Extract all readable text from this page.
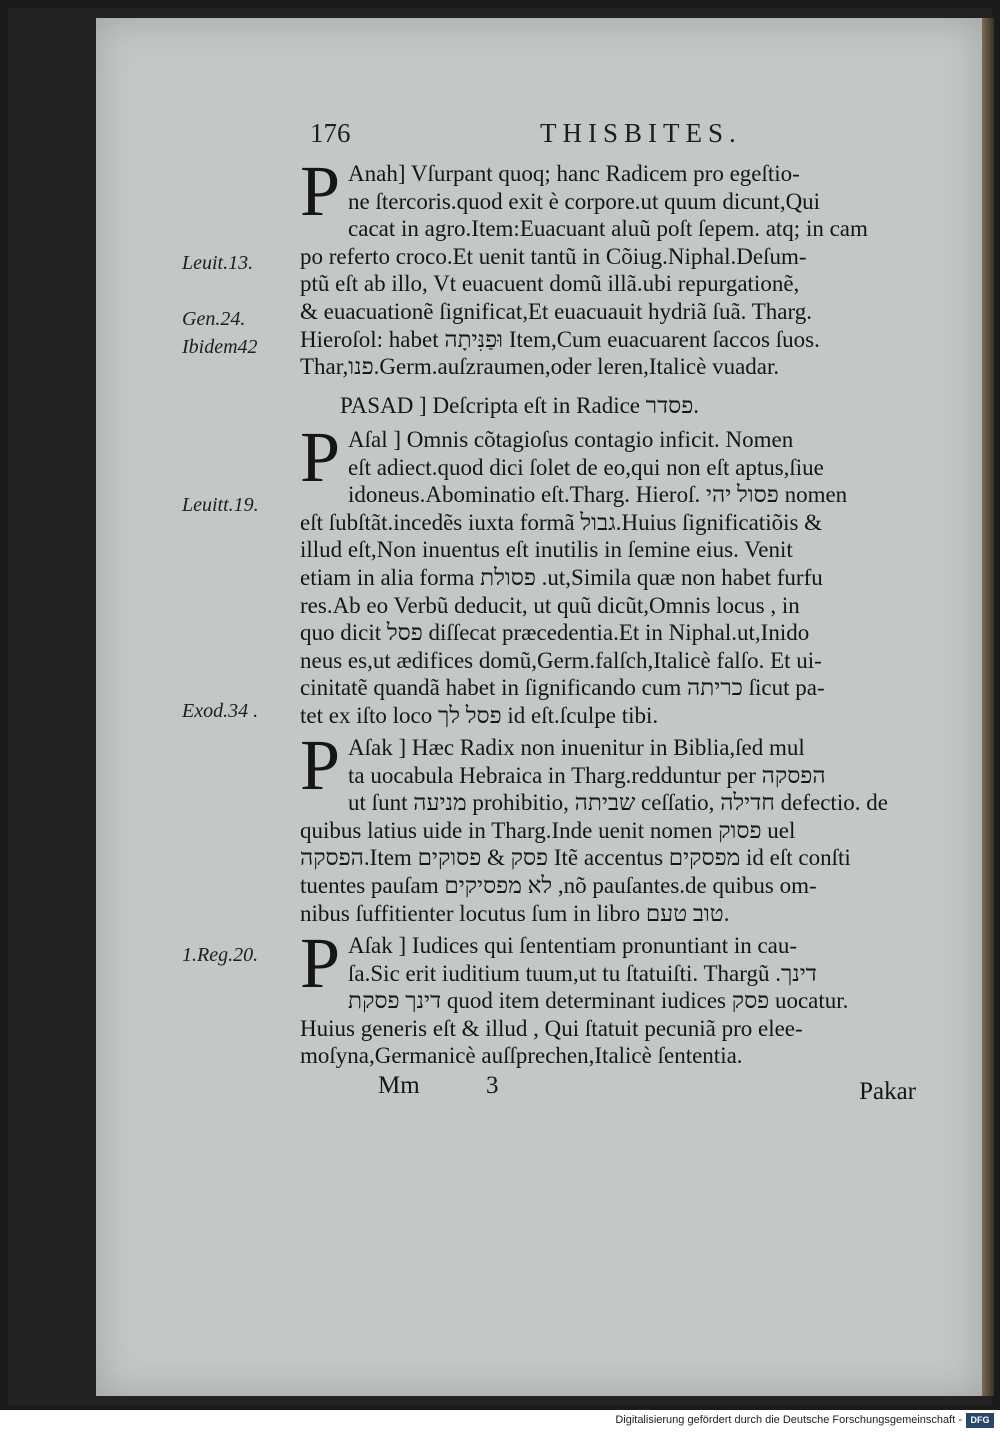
176	THISBITES.
Leuit.13.
Gen.24.
Ibidem42
Leuitt.19.
Exod.34 .
1.Reg.20.
P Anah] Vſurpant quoq; hanc Radicem pro egeſtio-
ne ſtercoris.quod exit è corpore.ut quum dicunt,Qui
cacat in agro.Item:Euacuant aluũ poſt ſepem. atq; in cam
po referto croco.Et uenit tantũ in Cõiug.Niphal.Deſum-
ptũ eſt ab illo, Vt euacuent domũ illã.ubi repurgationẽ,
& euacuationẽ ſignificat,Et euacuauit hydriã ſuã. Tharg.
Hieroſol: habet וּפַנִּיתָה Item,Cum euacuarent ſaccos ſuos.
Thar,פנו.Germ.auſzraumen,oder leren,Italicè vuadar.
PASAD ] Deſcripta eſt in Radice פסדר.
P Aſal ] Omnis cõtagioſus contagio inficit. Nomen
eſt adiect.quod dici ſolet de eo,qui non eſt aptus,ſiue
idoneus.Abominatio eſt.Tharg. Hieroſ. פסול יהי nomen
eſt ſubſtãt.incedẽs iuxta formã גבול.Huius ſignificatiõis &
illud eſt,Non inuentus eſt inutilis in ſemine eius. Venit
etiam in alia forma פסולת .ut,Simila quæ non habet furfu
res.Ab eo Verbũ deducit, ut quũ dicũt,Omnis locus , in
quo dicit פסל diſſecat præcedentia.Et in Niphal.ut,Inido
neus es,ut ædifices domũ,Germ.falſch,Italicè falſo. Et ui-
cinitatẽ quandã habet in ſignificando cum כריתה ſicut pa-
tet ex iſto loco פסל לך id eſt.ſculpe tibi.
P Aſak ] Hæc Radix non inuenitur in Biblia,ſed mul
ta uocabula Hebraica in Tharg.redduntur per הפסקה
ut ſunt מניעה prohibitio, שביתה ceſſatio, חדילה defectio. de
quibus latius uide in Tharg.Inde uenit nomen פסוק uel
הפסקה.Item פסק & פסוקים Itẽ accentus מפסקים id eſt conſti
tuentes pauſam לא מפסיקים ,nõ pauſantes.de quibus om-
nibus ſuffitienter locutus ſum in libro טוב טעם.
P Aſak ] Iudices qui ſententiam pronuntiant in cau-
ſa.Sic erit iuditium tuum,ut tu ſtatuiſti. Thargũ .דינך
דינך פסקת quod item determinant iudices פסק uocatur.
Huius generis eſt & illud , Qui ſtatuit pecuniã pro elee-
moſyna,Germanicè auſſprechen,Italicè ſententia.
Mm	3	Pakar
Digitalisierung gefördert durch die Deutsche Forschungsgemeinschaft - DFG
